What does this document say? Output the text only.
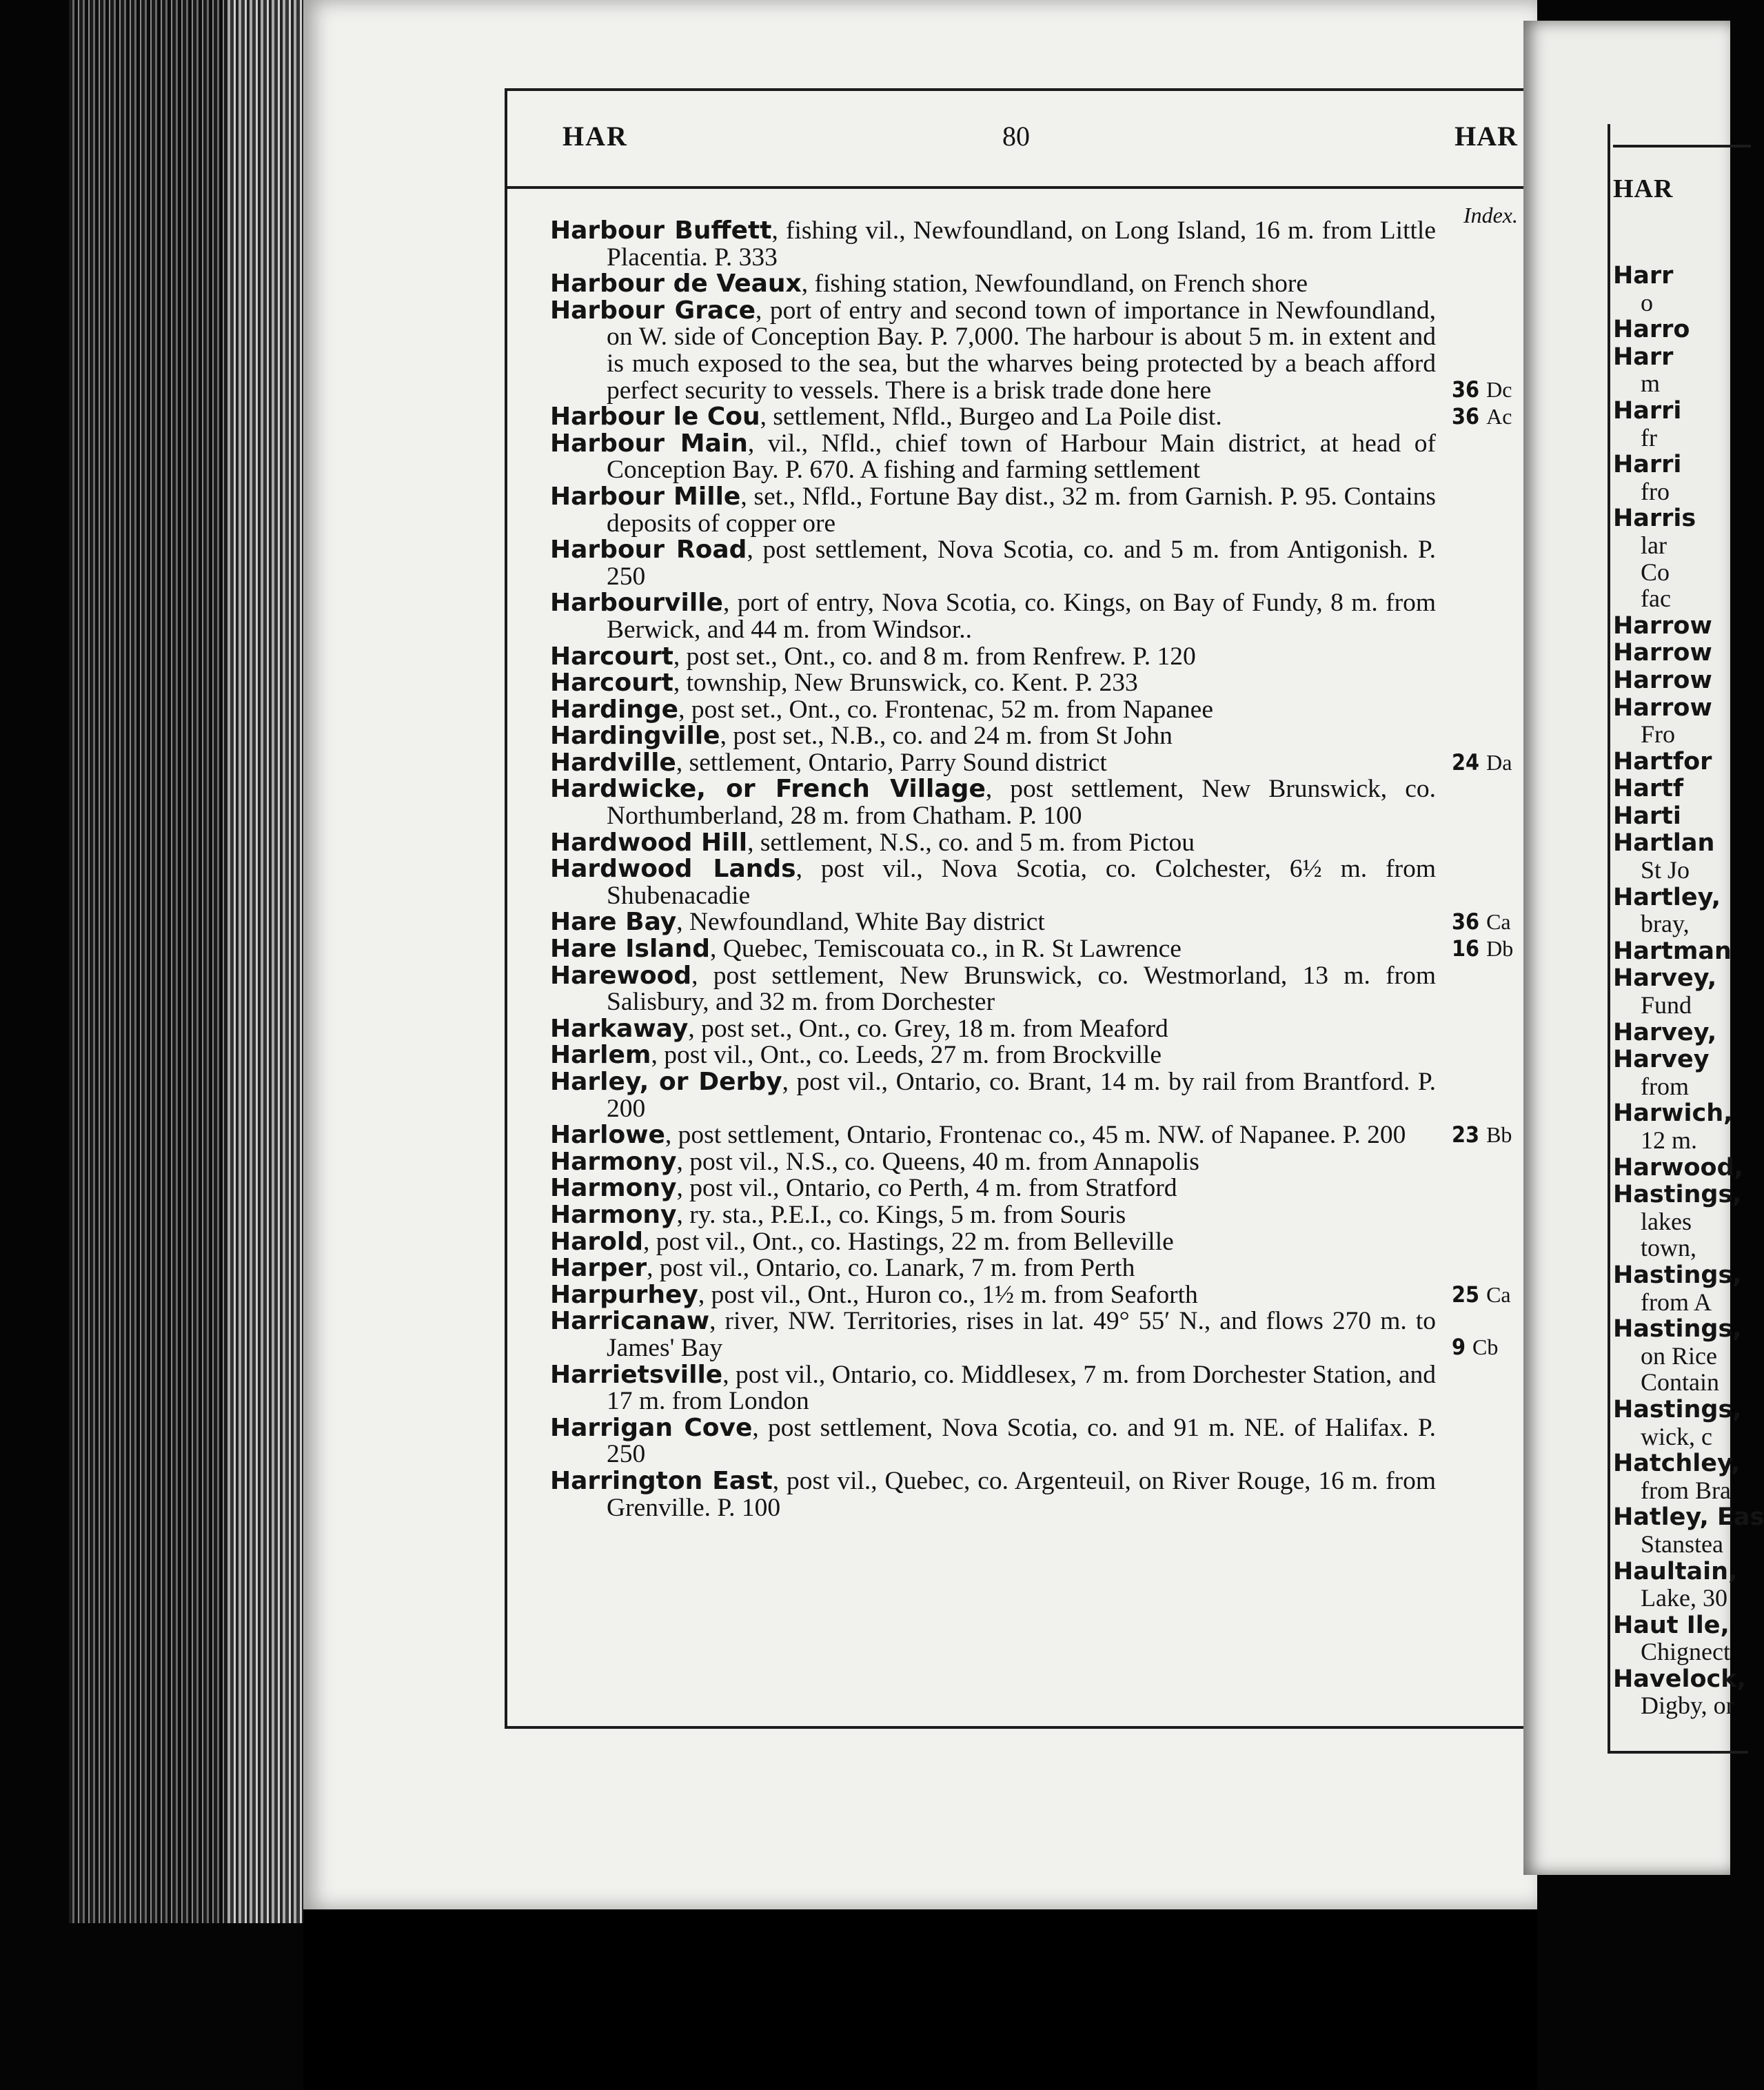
HAR	80	HAR
Index.
Harbour Buffett, fishing vil., Newfoundland, on Long Island, 16 m. from Little Placentia. P. 333
Harbour de Veaux, fishing station, Newfoundland, on French shore
Harbour Grace, port of entry and second town of importance in Newfoundland, on W. side of Conception Bay. P. 7,000. The harbour is about 5 m. in extent and is much exposed to the sea, but the wharves being protected by a beach afford perfect security to vessels. There is a brisk trade done here
Harbour le Cou, settlement, Nfld., Burgeo and La Poile dist.
Harbour Main, vil., Nfld., chief town of Harbour Main district, at head of Conception Bay. P. 670. A fishing and farming settlement
Harbour Mille, set., Nfld., Fortune Bay dist., 32 m. from Garnish. P. 95. Contains deposits of copper ore
Harbour Road, post settlement, Nova Scotia, co. and 5 m. from Antigonish. P. 250
Harbourville, port of entry, Nova Scotia, co. Kings, on Bay of Fundy, 8 m. from Berwick, and 44 m. from Windsor..
Harcourt, post set., Ont., co. and 8 m. from Renfrew. P. 120
Harcourt, township, New Brunswick, co. Kent. P. 233
Hardinge, post set., Ont., co. Frontenac, 52 m. from Napanee
Hardingville, post set., N.B., co. and 24 m. from St John
Hardville, settlement, Ontario, Parry Sound district
Hardwicke, or French Village, post settlement, New Brunswick, co. Northumberland, 28 m. from Chatham. P. 100
Hardwood Hill, settlement, N.S., co. and 5 m. from Pictou
Hardwood Lands, post vil., Nova Scotia, co. Colchester, 6½ m. from Shubenacadie
Hare Bay, Newfoundland, White Bay district
Hare Island, Quebec, Temiscouata co., in R. St Lawrence
Harewood, post settlement, New Brunswick, co. Westmorland, 13 m. from Salisbury, and 32 m. from Dorchester
Harkaway, post set., Ont., co. Grey, 18 m. from Meaford
Harlem, post vil., Ont., co. Leeds, 27 m. from Brockville
Harley, or Derby, post vil., Ontario, co. Brant, 14 m. by rail from Brantford. P. 200
Harlowe, post settlement, Ontario, Frontenac co., 45 m. NW. of Napanee. P. 200
Harmony, post vil., N.S., co. Queens, 40 m. from Annapolis
Harmony, post vil., Ontario, co Perth, 4 m. from Stratford
Harmony, ry. sta., P.E.I., co. Kings, 5 m. from Souris
Harold, post vil., Ont., co. Hastings, 22 m. from Belleville
Harper, post vil., Ontario, co. Lanark, 7 m. from Perth
Harpurhey, post vil., Ont., Huron co., 1½ m. from Seaforth
Harricanaw, river, NW. Territories, rises in lat. 49° 55′ N., and flows 270 m. to James' Bay
Harrietsville, post vil., Ontario, co. Middlesex, 7 m. from Dorchester Station, and 17 m. from London
Harrigan Cove, post settlement, Nova Scotia, co. and 91 m. NE. of Halifax. P. 250
Harrington East, post vil., Quebec, co. Argenteuil, on River Rouge, 16 m. from Grenville. P. 100
36 Dc
36 Ac
24 Da
36 Ca
16 Db
23 Bb
25 Ca
9 Cb
HAR
Harr
o
Harro
Harr
m
Harri
fr
Harri
fro
Harris
lar
Co
fac
Harrow
Harrow
Harrow
Harrow
Fro
Hartfor
Hartf
Harti
Hartlan
St Jo
Hartley,
bray,
Hartman
Harvey,
Fund
Harvey,
Harvey
from
Harwich,
12 m.
Harwood,
Hastings,
lakes
town,
Hastings,
from A
Hastings,
on Rice
Contain
Hastings,
wick, c
Hatchley,
from Bra
Hatley, Eas
Stanstea
Haultain,
Lake, 30
Haut Ile,
Chignect
Havelock,
Digby, or
